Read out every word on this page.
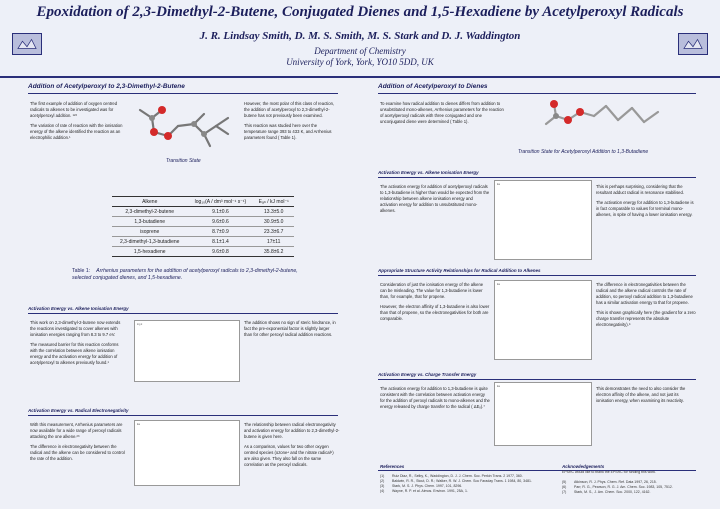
Epoxidation of 2,3-Dimethyl-2-Butene, Conjugated Dienes and 1,5-Hexadiene by Acetylperoxyl Radicals
J. R. Lindsay Smith, D. M. S. Smith, M. S. Stark and D. J. Waddington
Department of Chemistry
University of York, York, YO10 5DD, UK
Addition of Acetylperoxyl to 2,3-Dimethyl-2-Butene

The first example of addition of oxygen centred radicals to alkenes to be investigated was for acetylperoxyl addition. ¹²³

The variation of rate of reaction with the ionisation energy of the alkene identified the reaction as an electrophilic addition.¹

Transition State

However, the most polar of this class of reaction, the addition of acetylperoxyl to 2,3-dimethyl-2-butene has not previously been examined.

This reaction was studied here over the temperature range 393 to 433 K, and Arrhenius parameters found ( Table 1).

Alkene	log₁₀(A / dm³ mol⁻¹ s⁻¹)	Eₐₙ / kJ mol⁻¹
2,3-dimethyl-2-butene	9.1±0.6	13.3±5.0
1,3-butadiene	9.6±0.6	30.9±5.0
isoprene	8.7±0.9	23.3±6.7
2,3-dimethyl-1,3-butadiene	8.1±1.4	17±11
1,5-hexadiene	9.6±0.8	35.8±6.2
Table 1: Arrhenius parameters for the addition of acetylperoxyl radicals to 2,3-dimethyl-2-butene, selected conjugated dienes, and 1,5-hexadiene.
Activation Energy vs. Alkene Ionisation Energy

This work on 2,3-dimethyl-2-butene now extends the reactions investigated to cover alkenes with ionisation energies ranging from 8.3 to 9.7 eV.

The measured barrier for this reaction conforms with the correlation between alkene ionisation energy and the activation energy for addition of acetylperoxyl to alkenes previously found.¹

log k	The addition shows no sign of steric hindrance, in fact the pre-exponential factor is slightly larger than for other peroxyl radical addition reactions.

Activation Energy vs. Radical Electronegativity

With this measurement, Arrhenius parameters are now available for a wide range of peroxyl radicals attacking the one alkene.²³

The difference in electronegativity between the radical and the alkene can be considered to control the rate of the addition.

Ea	The relationship between radical electronegativity and activation energy for addition to 2,3-dimethyl-2-butene is given here.

As a comparison, values for two other oxygen centred species (ozone⁴ and the nitrate radical⁵) are also given. They also fall on the same correlation as the peroxyl radicals.

Addition of Acetylperoxyl to Dienes

To examine how radical addition to dienes differs from addition to unsubstituted mono-alkenes, Arrhenius parameters for the reaction of acetylperoxyl radicals with three conjugated and one unconjugated diene were determined ( Table 1).

Transition State for Acetylperoxyl Addition to 1,3-Butadiene
Activation Energy vs. Alkene Ionisation Energy

The activation energy for addition of acetylperoxyl radicals to 1,3-butadiene is higher than would be expected from the relationship between alkene ionisation energy and activation energy for addition to unsubstituted mono-alkenes.

Ea	This is perhaps surprising, considering that the resultant adduct radical is resonance stabilised.

The activation energy for addition to 1,3-butadiene is in fact comparable to values for terminal mono-alkenes, in spite of having a lower ionisation energy.

Appropriate Structure Activity Relationships for Radical Addition to Alkenes

Consideration of just the ionisation energy of the alkene can be misleading. The value for 1,3-butadiene is lower than, for example, that for propene.

However, the electron affinity of 1,3-butadiene is also lower than that of propene, so the electronegativities for both are comparable.

Ea	The difference in electronegativities between the radical and the alkene radical controls the rate of addition, so peroxyl radical addition to 1,3-butadiene has a similar activation energy to that for propene.

This is shown graphically here (the gradient for a zero charge transfer represents the absolute electronegativity).⁶

Activation Energy vs. Charge Transfer Energy

The activation energy for addition to 1,3-butadiene is quite consistent with the correlation between activation energy for the addition of peroxyl radicals to mono-alkenes and the energy released by charge transfer to the radical ( ΔEₓ).⁷

Ea	This demonstrates the need to also consider the electron affinity of the alkene, and not just its ionisation energy, when examining its reactivity.

References
(1)	Ruiz Diaz, R., Selby, K., Waddington, D. J. J. Chem. Soc. Perkin Trans. 2 1977, 360.
(2)	Baldwin, R. R., Stout, D. R.; Walker, R. W. J. Chem. Soc Faraday Trans. 1 1984, 80, 3481.
(3)	Stark, M. S. J. Phys. Chem. 1997, 101, 8296.
(4)	Wayne, R. P. et al. Atmos. Environ. 1991, 25A, 1.
Acknowledgements
EPSRC would like to thank the EPSRC for funding this work.
(5)	Atkinson, R. J. Phys. Chem. Ref. Data 1997, 26, 215.
(6)	Parr, R. G., Pearson, R. G. J. Am. Chem. Soc. 1983, 105, 7512.
(7)	Stark, M. S., J. Am. Chem. Soc. 2000, 122, 4162.
